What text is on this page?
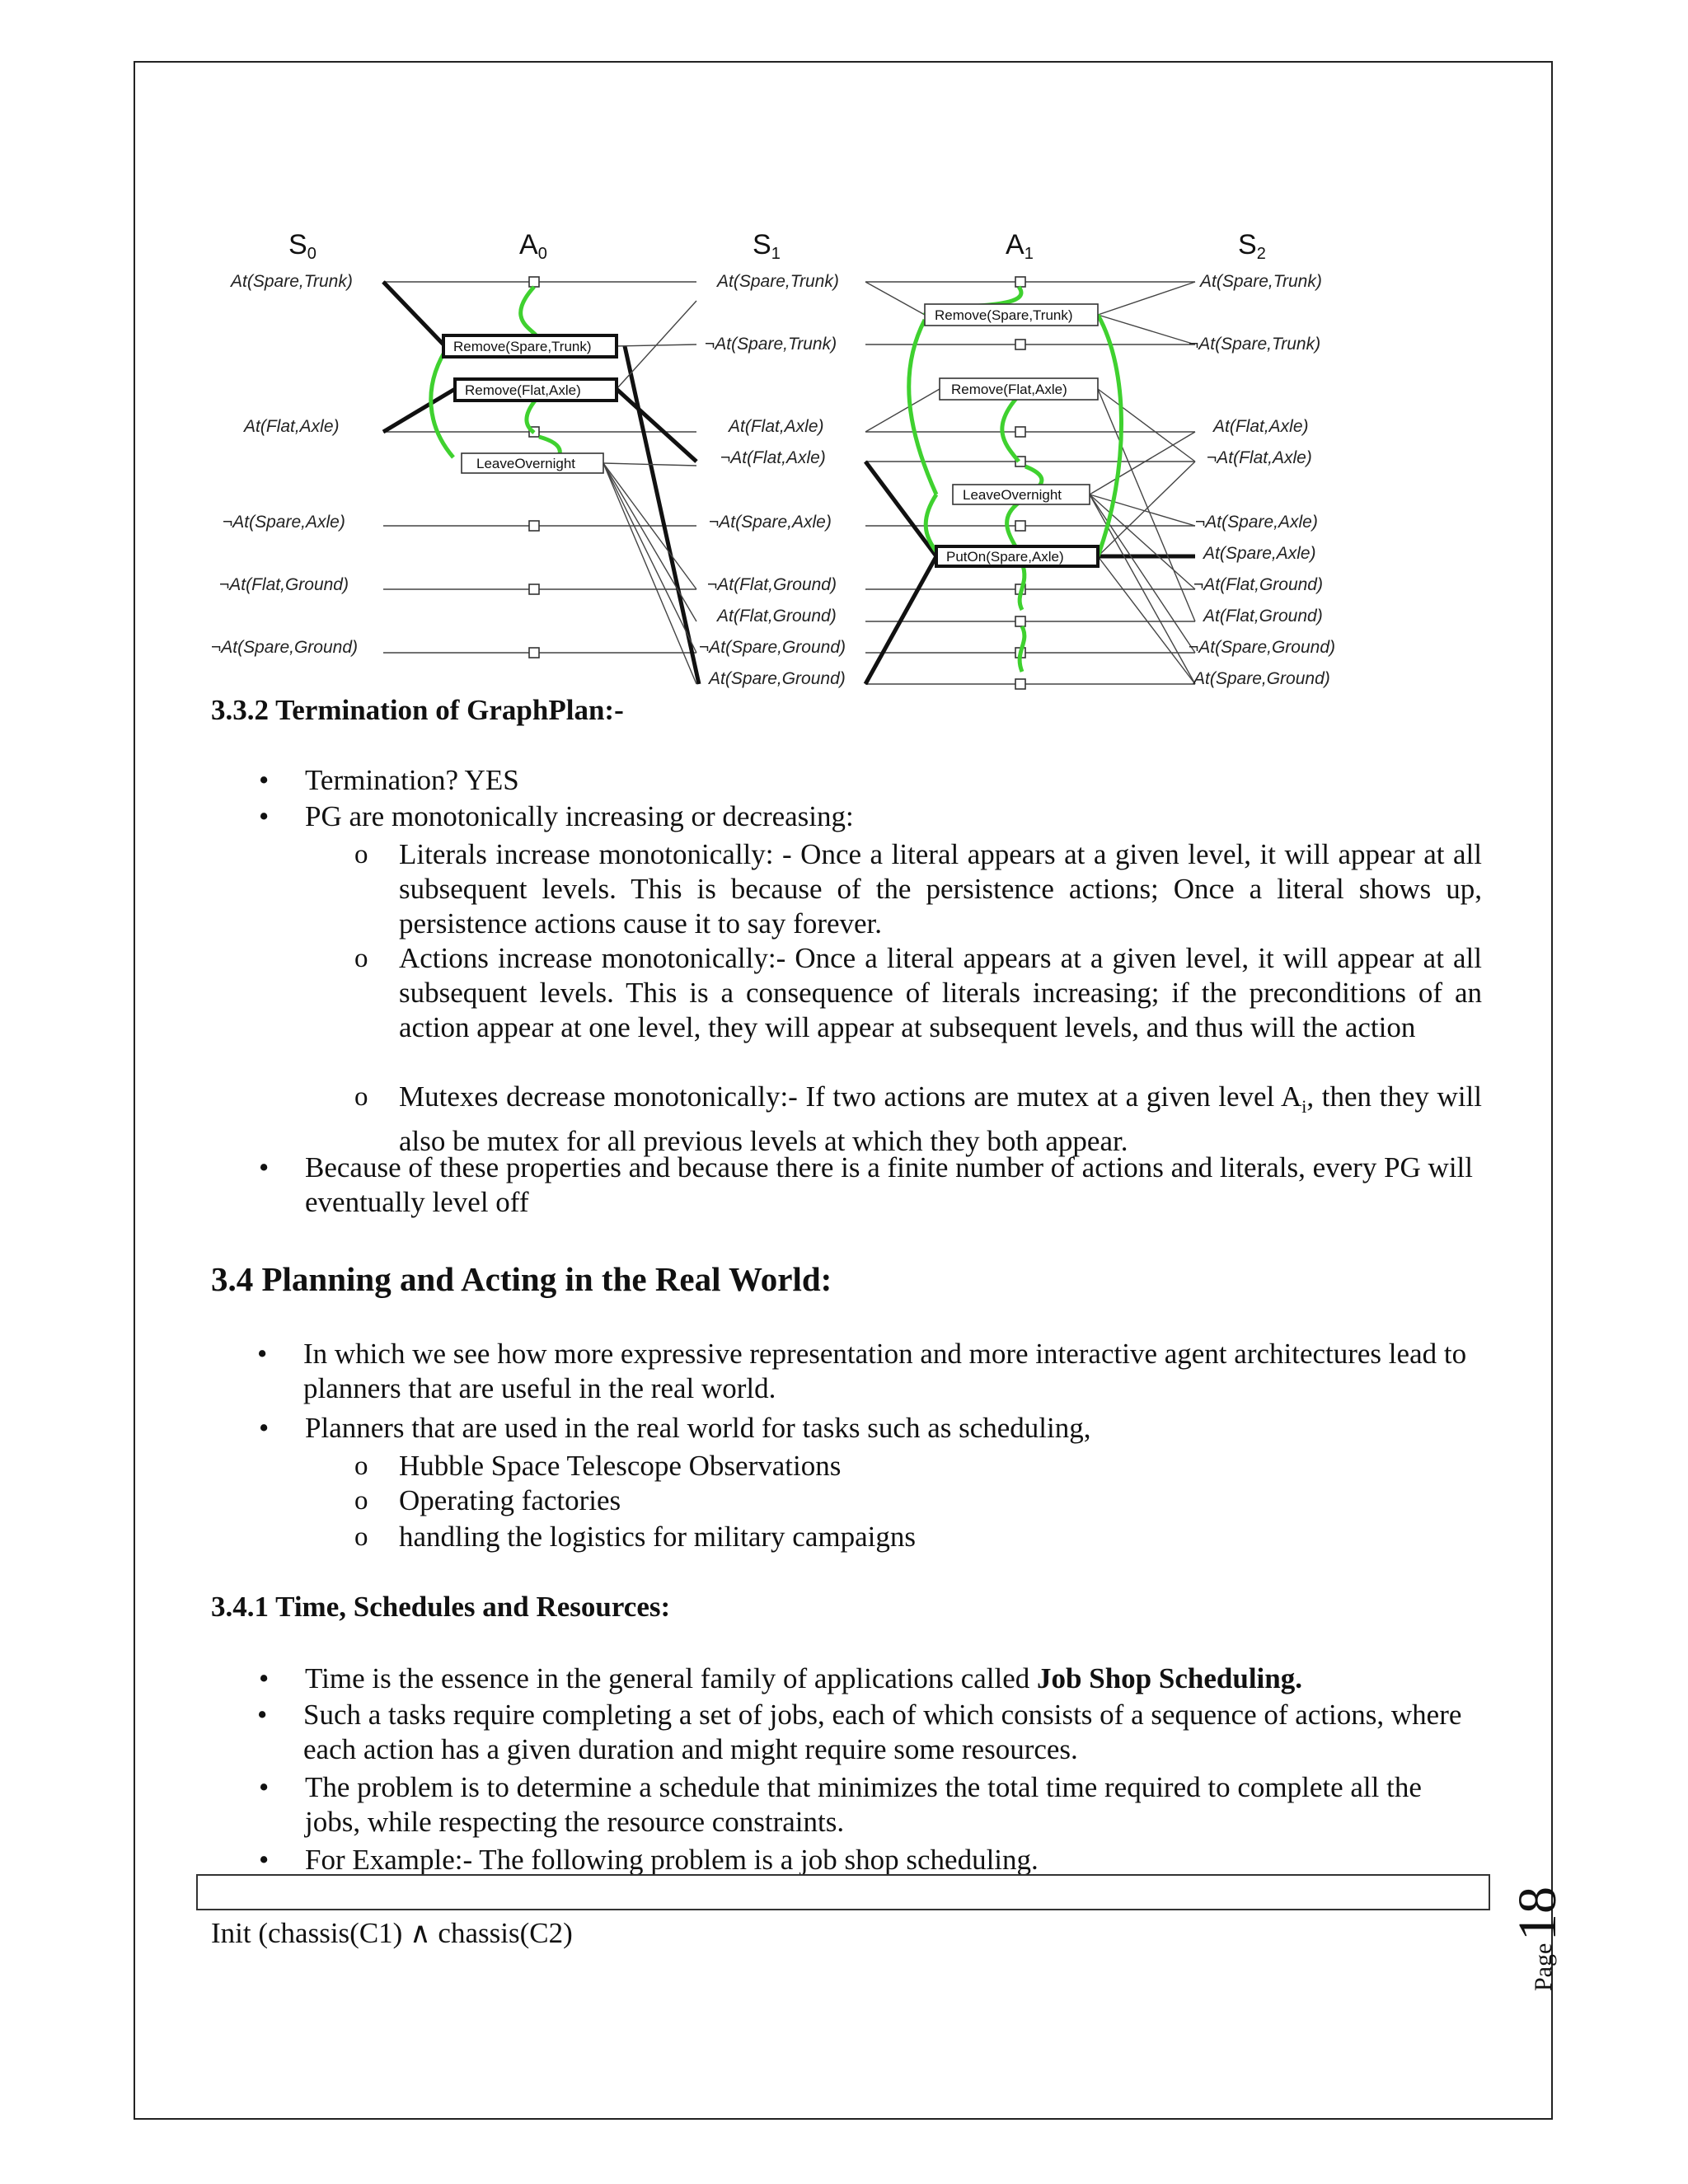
S0	A0	S1	A1	S2
At(Spare,Trunk)
At(Flat,Axle)
¬At(Spare,Axle)
¬At(Flat,Ground)
¬At(Spare,Ground)
Remove(Spare,Trunk)
Remove(Flat,Axle)
LeaveOvernight
At(Spare,Trunk)
¬At(Spare,Trunk)
At(Flat,Axle)
¬At(Flat,Axle)
¬At(Spare,Axle)
¬At(Flat,Ground)
At(Flat,Ground)
¬At(Spare,Ground)
At(Spare,Ground)
Remove(Spare,Trunk)
Remove(Flat,Axle)
LeaveOvernight
PutOn(Spare,Axle)
At(Spare,Trunk)
¬At(Spare,Trunk)
At(Flat,Axle)
¬At(Flat,Axle)
¬At(Spare,Axle)
At(Spare,Axle)
¬At(Flat,Ground)
At(Flat,Ground)
¬At(Spare,Ground)
At(Spare,Ground)
3.3.2 Termination of GraphPlan:-
• Termination? YES
• PG are monotonically increasing or decreasing:
o Literals increase monotonically: - Once a literal appears at a given level, it will appear at all subsequent levels. This is because of the persistence actions; Once a literal shows up, persistence actions cause it to say forever.
o Actions increase monotonically:- Once a literal appears at a given level, it will appear at all subsequent levels. This is a consequence of literals increasing; if the preconditions of an action appear at one level, they will appear at subsequent levels, and thus will the action
o Mutexes decrease monotonically:- If two actions are mutex at a given level $A_i$, then they will also be mutex for all previous levels at which they both appear.
• Because of these properties and because there is a finite number of actions and literals, every PG will eventually level off
3.4 Planning and Acting in the Real World:
• In which we see how more expressive representation and more interactive agent architectures lead to planners that are useful in the real world.
• Planners that are used in the real world for tasks such as scheduling,
o Hubble Space Telescope Observations
o Operating factories
o handling the logistics for military campaigns
3.4.1 Time, Schedules and Resources:
• Time is the essence in the general family of applications called Job Shop Scheduling.
• Such a tasks require completing a set of jobs, each of which consists of a sequence of actions, where each action has a given duration and might require some resources.
• The problem is to determine a schedule that minimizes the total time required to complete all the jobs, while respecting the resource constraints.
• For Example:- The following problem is a job shop scheduling.
Init (chassis(C1) ∧ chassis(C2)	18
Page
